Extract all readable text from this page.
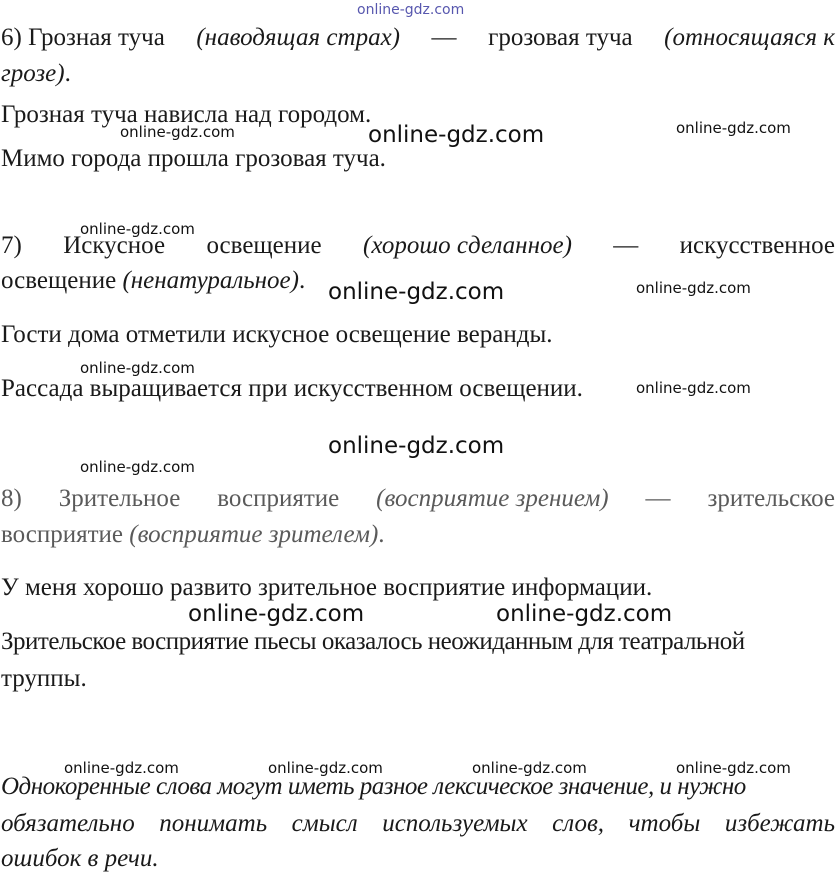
online-gdz.com
6) Грозная туча (наводящая страх) — грозовая туча (относящаяся к
грозе).
Грозная туча нависла над городом.
Мимо города прошла грозовая туча.
7) Искусное освещение (хорошо сделанное) — искусственное
освещение (ненатуральное).
Гости дома отметили искусное освещение веранды.
Рассада выращивается при искусственном освещении.
8) Зрительное восприятие (восприятие зрением) — зрительское
восприятие (восприятие зрителем).
У меня хорошо развито зрительное восприятие информации.
Зрительское восприятие пьесы оказалось неожиданным для театральной
труппы.
Однокоренные слова могут иметь разное лексическое значение, и нужно
обязательно понимать смысл используемых слов, чтобы избежать
ошибок в речи.
online-gdz.com	online-gdz.com	online-gdz.com
online-gdz.com
online-gdz.com	online-gdz.com
online-gdz.com
online-gdz.com
online-gdz.com
online-gdz.com
online-gdz.com	online-gdz.com
online-gdz.com	online-gdz.com	online-gdz.com	online-gdz.com
